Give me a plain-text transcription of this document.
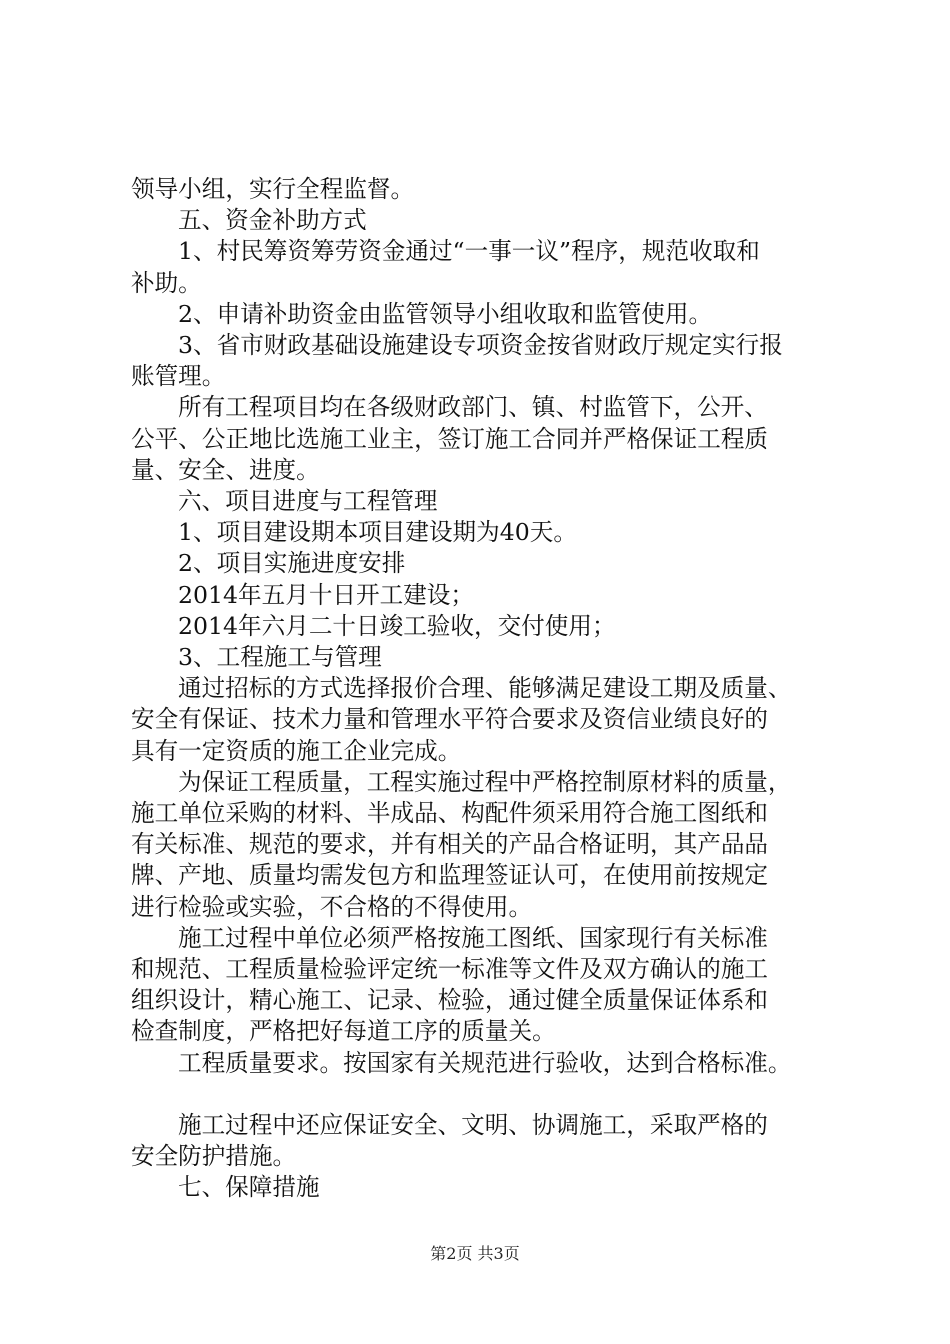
领导小组，实行全程监督。

五、资金补助方式

1、村民筹资筹劳资金通过“一事一议”程序，规范收取和

补助。

2、申请补助资金由监管领导小组收取和监管使用。

3、省市财政基础设施建设专项资金按省财政厅规定实行报

账管理。

所有工程项目均在各级财政部门、镇、村监管下，公开、

公平、公正地比选施工业主，签订施工合同并严格保证工程质

量、安全、进度。

六、项目进度与工程管理

1、项目建设期本项目建设期为40天。

2、项目实施进度安排

2014年五月十日开工建设；

2014年六月二十日竣工验收，交付使用；

3、工程施工与管理

通过招标的方式选择报价合理、能够满足建设工期及质量、

安全有保证、技术力量和管理水平符合要求及资信业绩良好的

具有一定资质的施工企业完成。

为保证工程质量，工程实施过程中严格控制原材料的质量，

施工单位采购的材料、半成品、构配件须采用符合施工图纸和

有关标准、规范的要求，并有相关的产品合格证明，其产品品

牌、产地、质量均需发包方和监理签证认可，在使用前按规定

进行检验或实验，不合格的不得使用。

施工过程中单位必须严格按施工图纸、国家现行有关标准

和规范、工程质量检验评定统一标准等文件及双方确认的施工

组织设计，精心施工、记录、检验，通过健全质量保证体系和

检查制度，严格把好每道工序的质量关。

工程质量要求。按国家有关规范进行验收，达到合格标准。

施工过程中还应保证安全、文明、协调施工，采取严格的

安全防护措施。

七、保障措施

第2页 共3页
